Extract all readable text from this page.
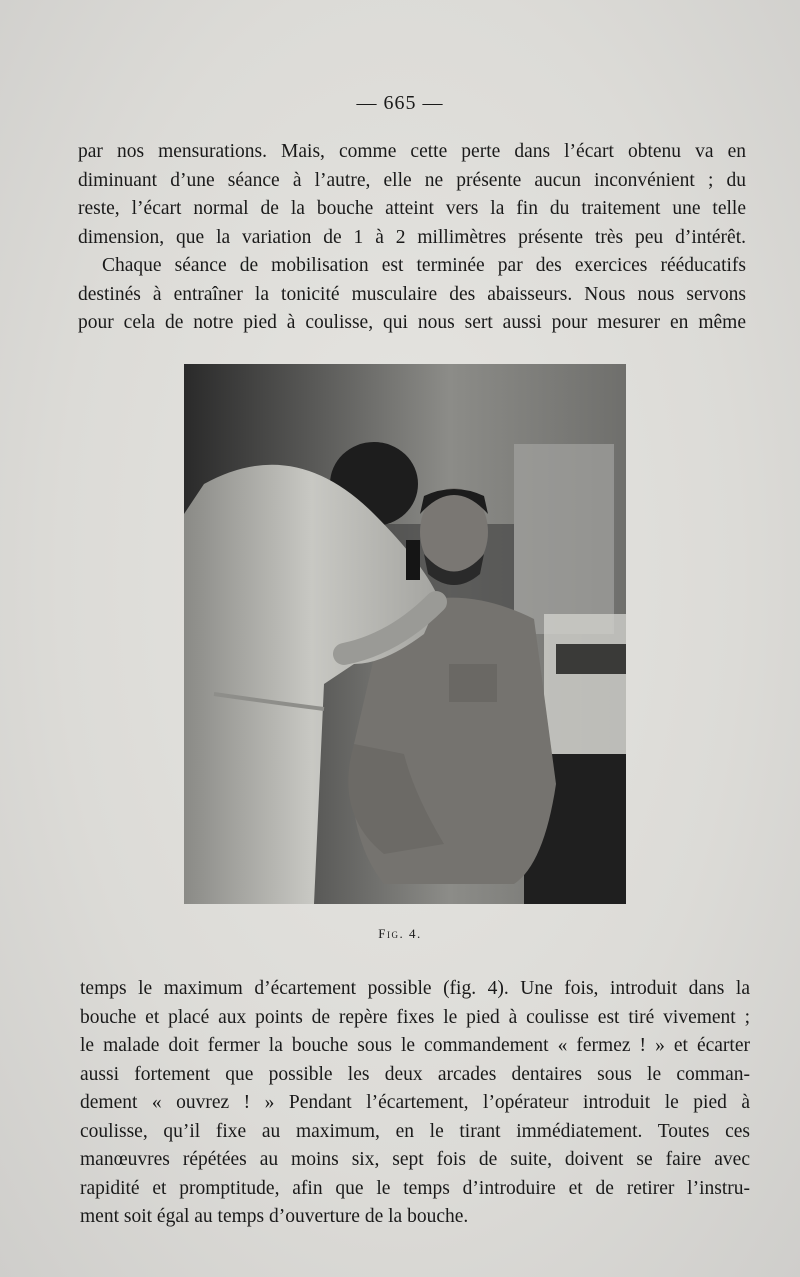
— 665 —
par nos mensurations. Mais, comme cette perte dans l’écart obtenu va en
diminuant d’une séance à l’autre, elle ne présente aucun inconvénient ; du
reste, l’écart normal de la bouche atteint vers la fin du traitement une telle
dimension, que la variation de 1 à 2 millimètres présente très peu d’intérêt.
Chaque séance de mobilisation est terminée par des exercices rééducatifs
destinés à entraîner la tonicité musculaire des abaisseurs. Nous nous servons
pour cela de notre pied à coulisse, qui nous sert aussi pour mesurer en même
Fig. 4.
temps le maximum d’écartement possible (fig. 4). Une fois, introduit dans la
bouche et placé aux points de repère fixes le pied à coulisse est tiré vivement ;
le malade doit fermer la bouche sous le commandement « fermez ! » et écarter
aussi fortement que possible les deux arcades dentaires sous le comman-
dement « ouvrez ! » Pendant l’écartement, l’opérateur introduit le pied à
coulisse, qu’il fixe au maximum, en le tirant immédiatement. Toutes ces
manœuvres répétées au moins six, sept fois de suite, doivent se faire avec
rapidité et promptitude, afin que le temps d’introduire et de retirer l’instru-
ment soit égal au temps d’ouverture de la bouche.
